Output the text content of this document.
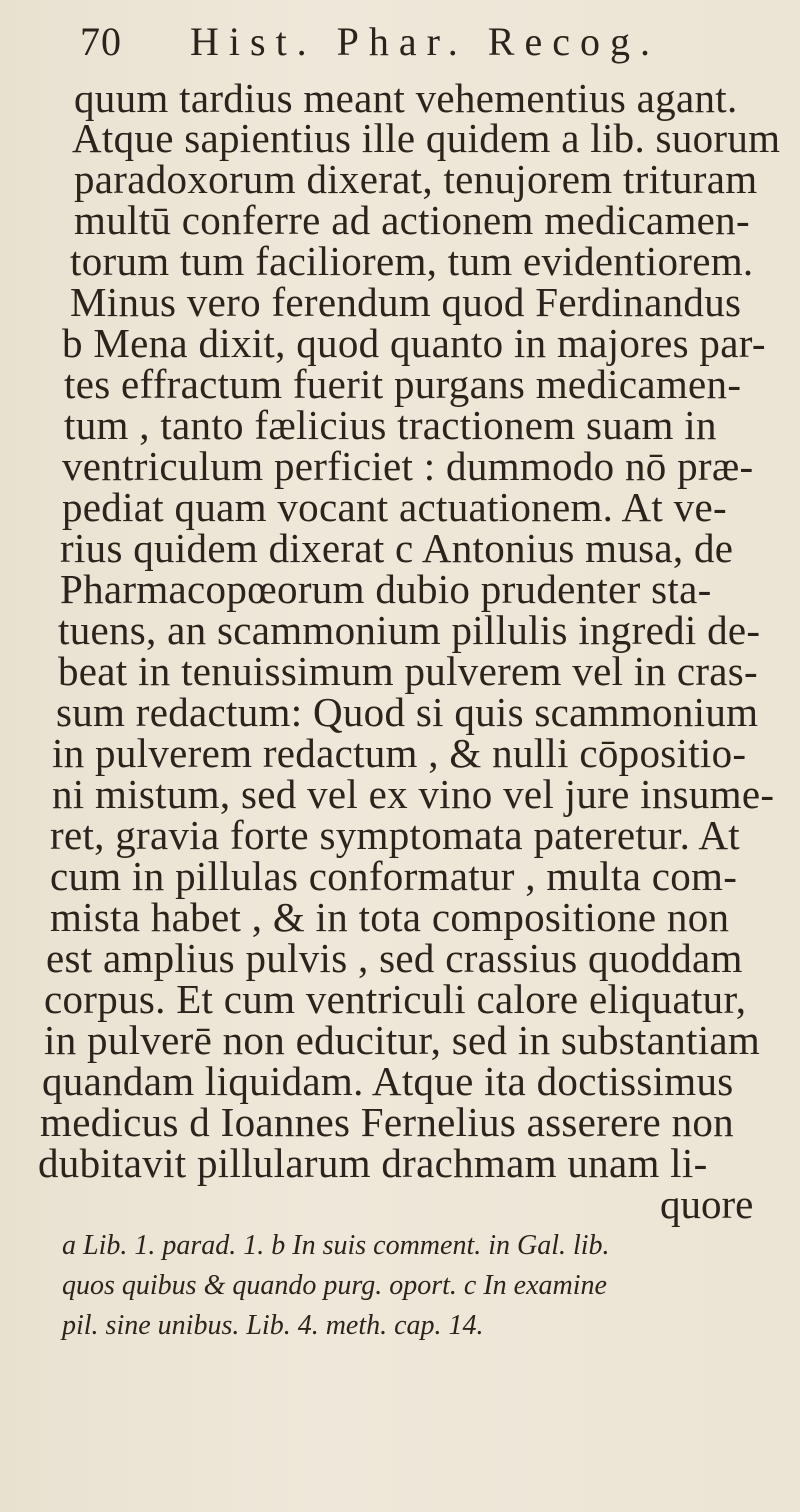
70	Hist. Phar. Recog.
quum tardius meant vehementius agant.
Atque sapientius ille quidem a lib. suorum
paradoxorum dixerat, tenujorem trituram
multū conferre ad actionem medicamen-
torum tum faciliorem, tum evidentiorem.
Minus vero ferendum quod Ferdinandus
b Mena dixit, quod quanto in majores par-
tes effractum fuerit purgans medicamen-
tum , tanto fælicius tractionem suam in
ventriculum perficiet : dummodo nō præ-
pediat quam vocant actuationem. At ve-
rius quidem dixerat c Antonius musa, de
Pharmacopœorum dubio prudenter sta-
tuens, an scammonium pillulis ingredi de-
beat in tenuissimum pulverem vel in cras-
sum redactum: Quod si quis scammonium
in pulverem redactum , & nulli cōpositio-
ni mistum, sed vel ex vino vel jure insume-
ret, gravia forte symptomata pateretur. At
cum in pillulas conformatur , multa com-
mista habet , & in tota compositione non
est amplius pulvis , sed crassius quoddam
corpus. Et cum ventriculi calore eliquatur,
in pulverē non educitur, sed in substantiam
quandam liquidam. Atque ita doctissimus
medicus d Ioannes Fernelius asserere non
dubitavit pillularum drachmam unam li-
quore
a Lib. 1. parad. 1. b In suis comment. in Gal. lib.
quos quibus & quando purg. oport. c In examine
pil. sine unibus. Lib. 4. meth. cap. 14.
